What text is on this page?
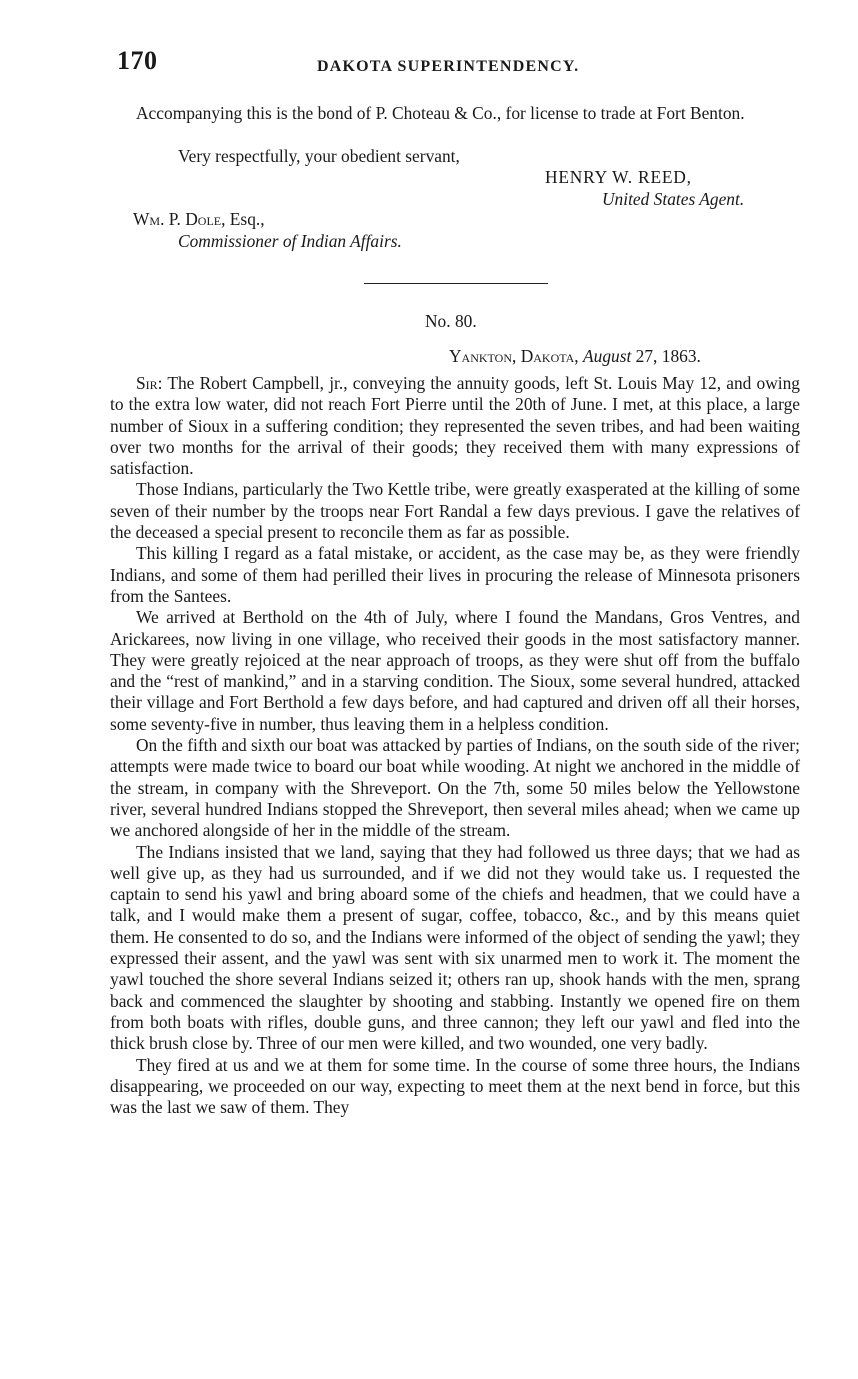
170	DAKOTA SUPERINTENDENCY.

Accompanying this is the bond of P. Choteau & Co., for license to trade at Fort Benton.

Very respectfully, your obedient servant,
HENRY W. REED,
United States Agent.
Wm. P. Dole, Esq.,
Commissioner of Indian Affairs.
No. 80.
Yankton, Dakota, August 27, 1863.

Sir: The Robert Campbell, jr., conveying the annuity goods, left St. Louis May 12, and owing to the extra low water, did not reach Fort Pierre until the 20th of June. I met, at this place, a large number of Sioux in a suffering condition; they represented the seven tribes, and had been waiting over two months for the arrival of their goods; they received them with many expressions of satisfaction.

Those Indians, particularly the Two Kettle tribe, were greatly exasperated at the killing of some seven of their number by the troops near Fort Randal a few days previous. I gave the relatives of the deceased a special present to reconcile them as far as possible.

This killing I regard as a fatal mistake, or accident, as the case may be, as they were friendly Indians, and some of them had perilled their lives in procuring the release of Minnesota prisoners from the Santees.

We arrived at Berthold on the 4th of July, where I found the Mandans, Gros Ventres, and Arickarees, now living in one village, who received their goods in the most satisfactory manner. They were greatly rejoiced at the near approach of troops, as they were shut off from the buffalo and the “rest of mankind,” and in a starving condition. The Sioux, some several hundred, attacked their village and Fort Berthold a few days before, and had captured and driven off all their horses, some seventy-five in number, thus leaving them in a helpless condition.

On the fifth and sixth our boat was attacked by parties of Indians, on the south side of the river; attempts were made twice to board our boat while wooding. At night we anchored in the middle of the stream, in company with the Shreveport. On the 7th, some 50 miles below the Yellowstone river, several hundred Indians stopped the Shreveport, then several miles ahead; when we came up we anchored alongside of her in the middle of the stream.

The Indians insisted that we land, saying that they had followed us three days; that we had as well give up, as they had us surrounded, and if we did not they would take us. I requested the captain to send his yawl and bring aboard some of the chiefs and headmen, that we could have a talk, and I would make them a present of sugar, coffee, tobacco, &c., and by this means quiet them. He consented to do so, and the Indians were informed of the object of sending the yawl; they expressed their assent, and the yawl was sent with six unarmed men to work it. The moment the yawl touched the shore several Indians seized it; others ran up, shook hands with the men, sprang back and commenced the slaughter by shooting and stabbing. Instantly we opened fire on them from both boats with rifles, double guns, and three cannon; they left our yawl and fled into the thick brush close by. Three of our men were killed, and two wounded, one very badly.

They fired at us and we at them for some time. In the course of some three hours, the Indians disappearing, we proceeded on our way, expecting to meet them at the next bend in force, but this was the last we saw of them. They
